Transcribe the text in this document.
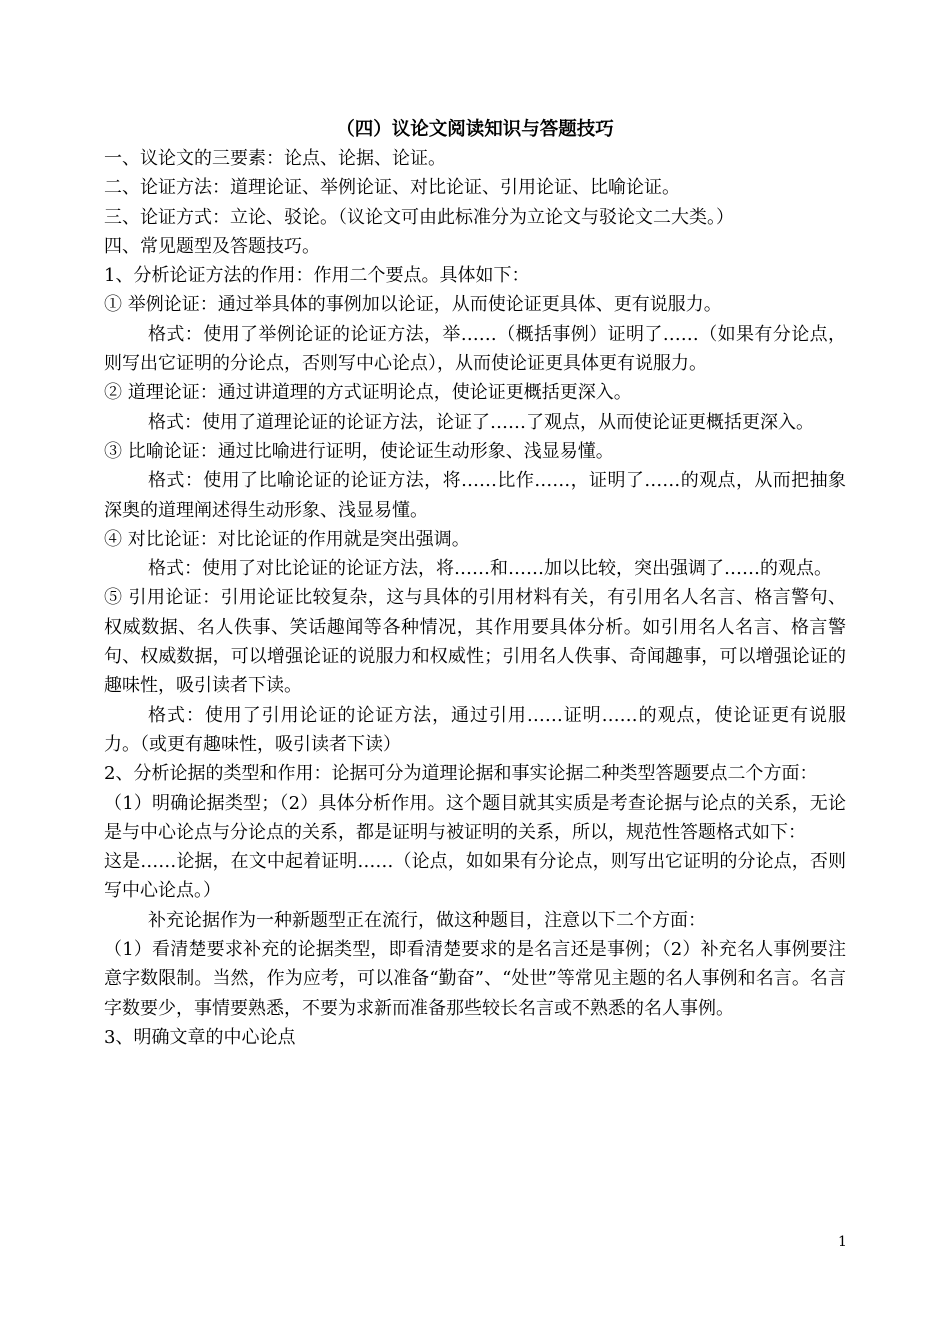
（四）议论文阅读知识与答题技巧

一、议论文的三要素：论点、论据、论证。

二、论证方法：道理论证、举例论证、对比论证、引用论证、比喻论证。

三、论证方式：立论、驳论。（议论文可由此标准分为立论文与驳论文二大类。）

四、常见题型及答题技巧。

1、分析论证方法的作用：作用二个要点。具体如下：

① 举例论证：通过举具体的事例加以论证，从而使论证更具体、更有说服力。

格式：使用了举例论证的论证方法，举……（概括事例）证明了……（如果有分论点，则写出它证明的分论点，否则写中心论点），从而使论证更具体更有说服力。

② 道理论证：通过讲道理的方式证明论点，使论证更概括更深入。

格式：使用了道理论证的论证方法，论证了……了观点，从而使论证更概括更深入。

③ 比喻论证：通过比喻进行证明，使论证生动形象、浅显易懂。

格式：使用了比喻论证的论证方法，将……比作……，证明了……的观点，从而把抽象深奥的道理阐述得生动形象、浅显易懂。

④ 对比论证：对比论证的作用就是突出强调。

格式：使用了对比论证的论证方法，将……和……加以比较，突出强调了……的观点。

⑤ 引用论证：引用论证比较复杂，这与具体的引用材料有关，有引用名人名言、格言警句、权威数据、名人佚事、笑话趣闻等各种情况，其作用要具体分析。如引用名人名言、格言警句、权威数据，可以增强论证的说服力和权威性；引用名人佚事、奇闻趣事，可以增强论证的趣味性，吸引读者下读。

格式：使用了引用论证的论证方法，通过引用……证明……的观点，使论证更有说服力。（或更有趣味性，吸引读者下读）

2、分析论据的类型和作用：论据可分为道理论据和事实论据二种类型答题要点二个方面：

（1）明确论据类型；（2）具体分析作用。这个题目就其实质是考查论据与论点的关系，无论是与中心论点与分论点的关系，都是证明与被证明的关系，所以，规范性答题格式如下：

这是……论据，在文中起着证明……（论点，如如果有分论点，则写出它证明的分论点，否则写中心论点。）

补充论据作为一种新题型正在流行，做这种题目，注意以下二个方面：

（1）看清楚要求补充的论据类型，即看清楚要求的是名言还是事例；（2）补充名人事例要注意字数限制。当然，作为应考，可以准备“勤奋”、“处世”等常见主题的名人事例和名言。名言字数要少，事情要熟悉，不要为求新而准备那些较长名言或不熟悉的名人事例。

3、明确文章的中心论点

1
